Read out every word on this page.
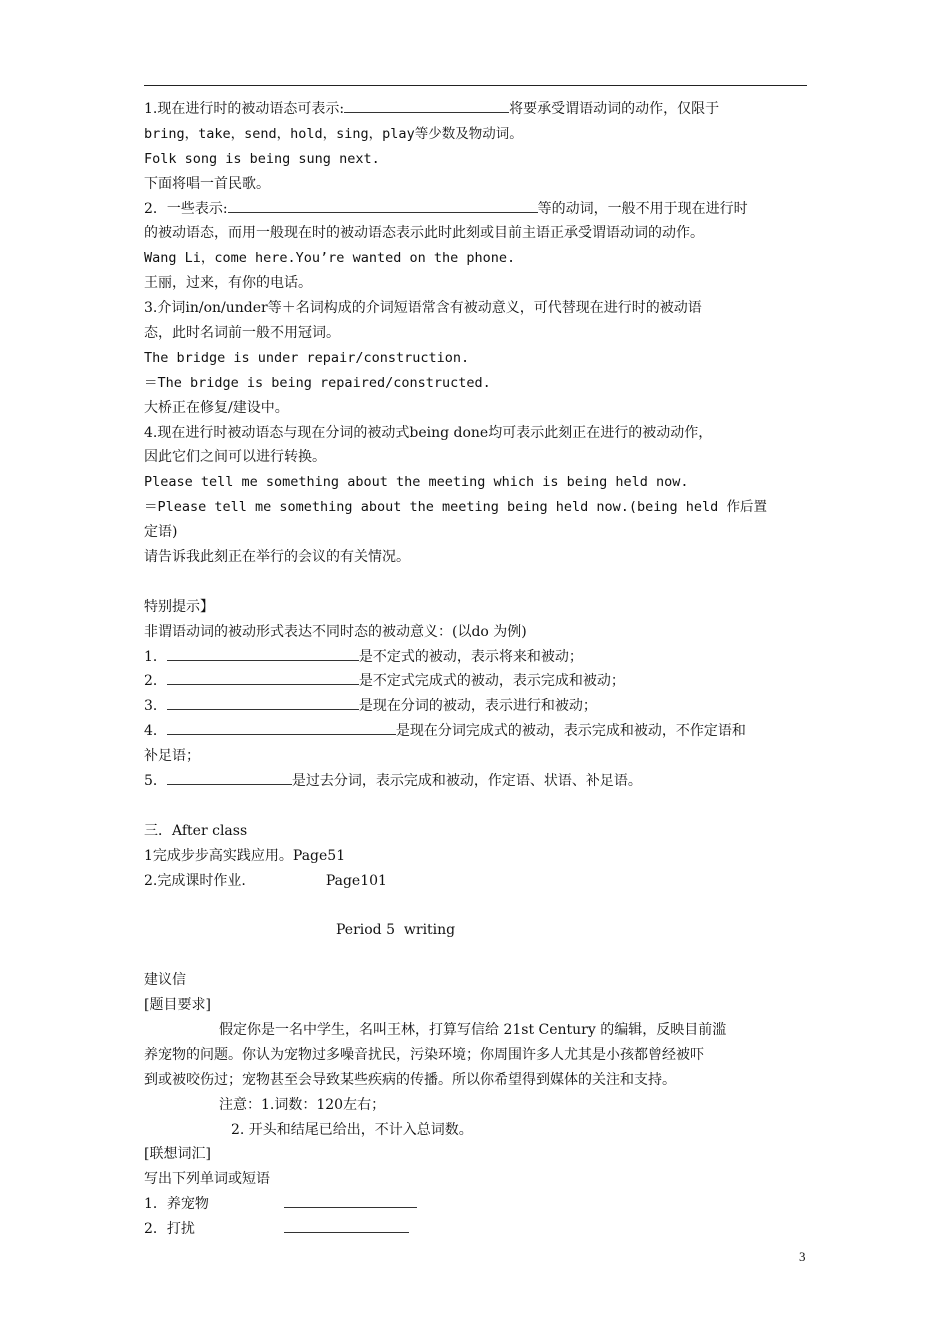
1.现在进行时的被动语态可表示:	将要承受谓语动词的动作，仅限于
bring，take，send，hold，sing，play等少数及物动词。
Folk song is being sung next.
下面将唱一首民歌。
2．一些表示:	等的动词，一般不用于现在进行时
的被动语态，而用一般现在时的被动语态表示此时此刻或目前主语正承受谓语动词的动作。
Wang Li，come here.You’re wanted on the phone.
王丽，过来，有你的电话。
3.介词in/on/under等＋名词构成的介词短语常含有被动意义，可代替现在进行时的被动语
态，此时名词前一般不用冠词。
The bridge is under repair/construction.
＝The bridge is being repaired/constructed.
大桥正在修复/建设中。
4.现在进行时被动语态与现在分词的被动式being done均可表示此刻正在进行的被动动作，
因此它们之间可以进行转换。
Please tell me something about the meeting which is being held now.
＝Please tell me something about the meeting being held now.(being held 作后置
定语)
请告诉我此刻正在举行的会议的有关情况。
特别提示】
非谓语动词的被动形式表达不同时态的被动意义：(以do 为例)
1．	是不定式的被动，表示将来和被动；
2．	是不定式完成式的被动，表示完成和被动；
3．	是现在分词的被动，表示进行和被动；
4．	是现在分词完成式的被动，表示完成和被动，不作定语和
补足语；
5．	是过去分词，表示完成和被动，作定语、状语、补足语。
三．After class
1完成步步高实践应用。Page51
2.完成课时作业.	Page101
Period 5  writing
建议信
[题目要求]
假定你是一名中学生，名叫王林，打算写信给 21st Century 的编辑，反映目前滥
养宠物的问题。你认为宠物过多噪音扰民，污染环境；你周围许多人尤其是小孩都曾经被吓
到或被咬伤过；宠物甚至会导致某些疾病的传播。所以你希望得到媒体的关注和支持。
注意：1.词数：120左右；
2. 开头和结尾已给出，不计入总词数。
[联想词汇]
写出下列单词或短语
1．养宠物
2．打扰
3
